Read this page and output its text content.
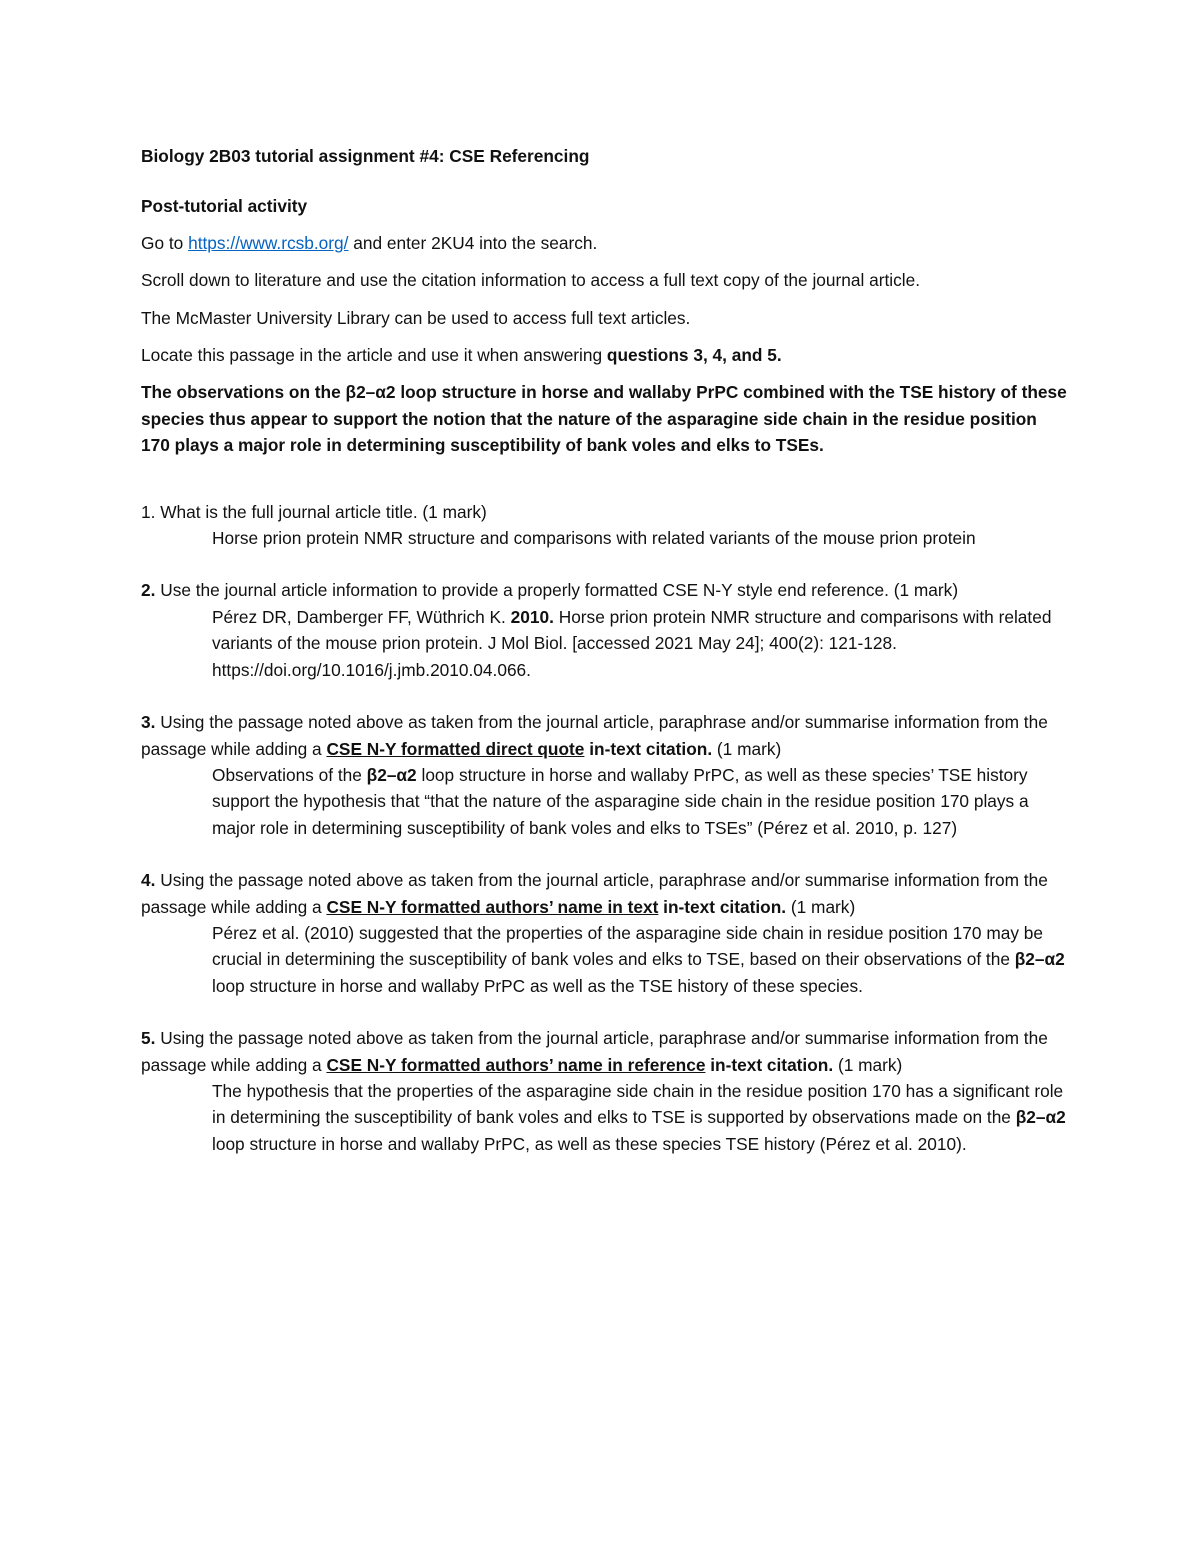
Biology 2B03 tutorial assignment #4: CSE Referencing

Post-tutorial activity

Go to https://www.rcsb.org/ and enter 2KU4 into the search.

Scroll down to literature and use the citation information to access a full text copy of the journal article.

The McMaster University Library can be used to access full text articles.

Locate this passage in the article and use it when answering questions 3, 4, and 5.

The observations on the β2–α2 loop structure in horse and wallaby PrPC combined with the TSE history of these species thus appear to support the notion that the nature of the asparagine side chain in the residue position 170 plays a major role in determining susceptibility of bank voles and elks to TSEs.

1. What is the full journal article title. (1 mark)

Horse prion protein NMR structure and comparisons with related variants of the mouse prion protein

2. Use the journal article information to provide a properly formatted CSE N-Y style end reference. (1 mark)

Pérez DR, Damberger FF, Wüthrich K. 2010. Horse prion protein NMR structure and comparisons with related variants of the mouse prion protein. J Mol Biol. [accessed 2021 May 24]; 400(2): 121-128. https://doi.org/10.1016/j.jmb.2010.04.066.

3. Using the passage noted above as taken from the journal article, paraphrase and/or summarise information from the passage while adding a CSE N-Y formatted direct quote in-text citation. (1 mark)

Observations of the β2–α2 loop structure in horse and wallaby PrPC, as well as these species’ TSE history support the hypothesis that “that the nature of the asparagine side chain in the residue position 170 plays a major role in determining susceptibility of bank voles and elks to TSEs” (Pérez et al. 2010, p. 127)

4. Using the passage noted above as taken from the journal article, paraphrase and/or summarise information from the passage while adding a CSE N-Y formatted authors’ name in text in-text citation. (1 mark)

Pérez et al. (2010) suggested that the properties of the asparagine side chain in residue position 170 may be crucial in determining the susceptibility of bank voles and elks to TSE, based on their observations of the β2–α2 loop structure in horse and wallaby PrPC as well as the TSE history of these species.

5. Using the passage noted above as taken from the journal article, paraphrase and/or summarise information from the passage while adding a CSE N-Y formatted authors’ name in reference in-text citation. (1 mark)

The hypothesis that the properties of the asparagine side chain in the residue position 170 has a significant role in determining the susceptibility of bank voles and elks to TSE is supported by observations made on the β2–α2 loop structure in horse and wallaby PrPC, as well as these species TSE history (Pérez et al. 2010).
